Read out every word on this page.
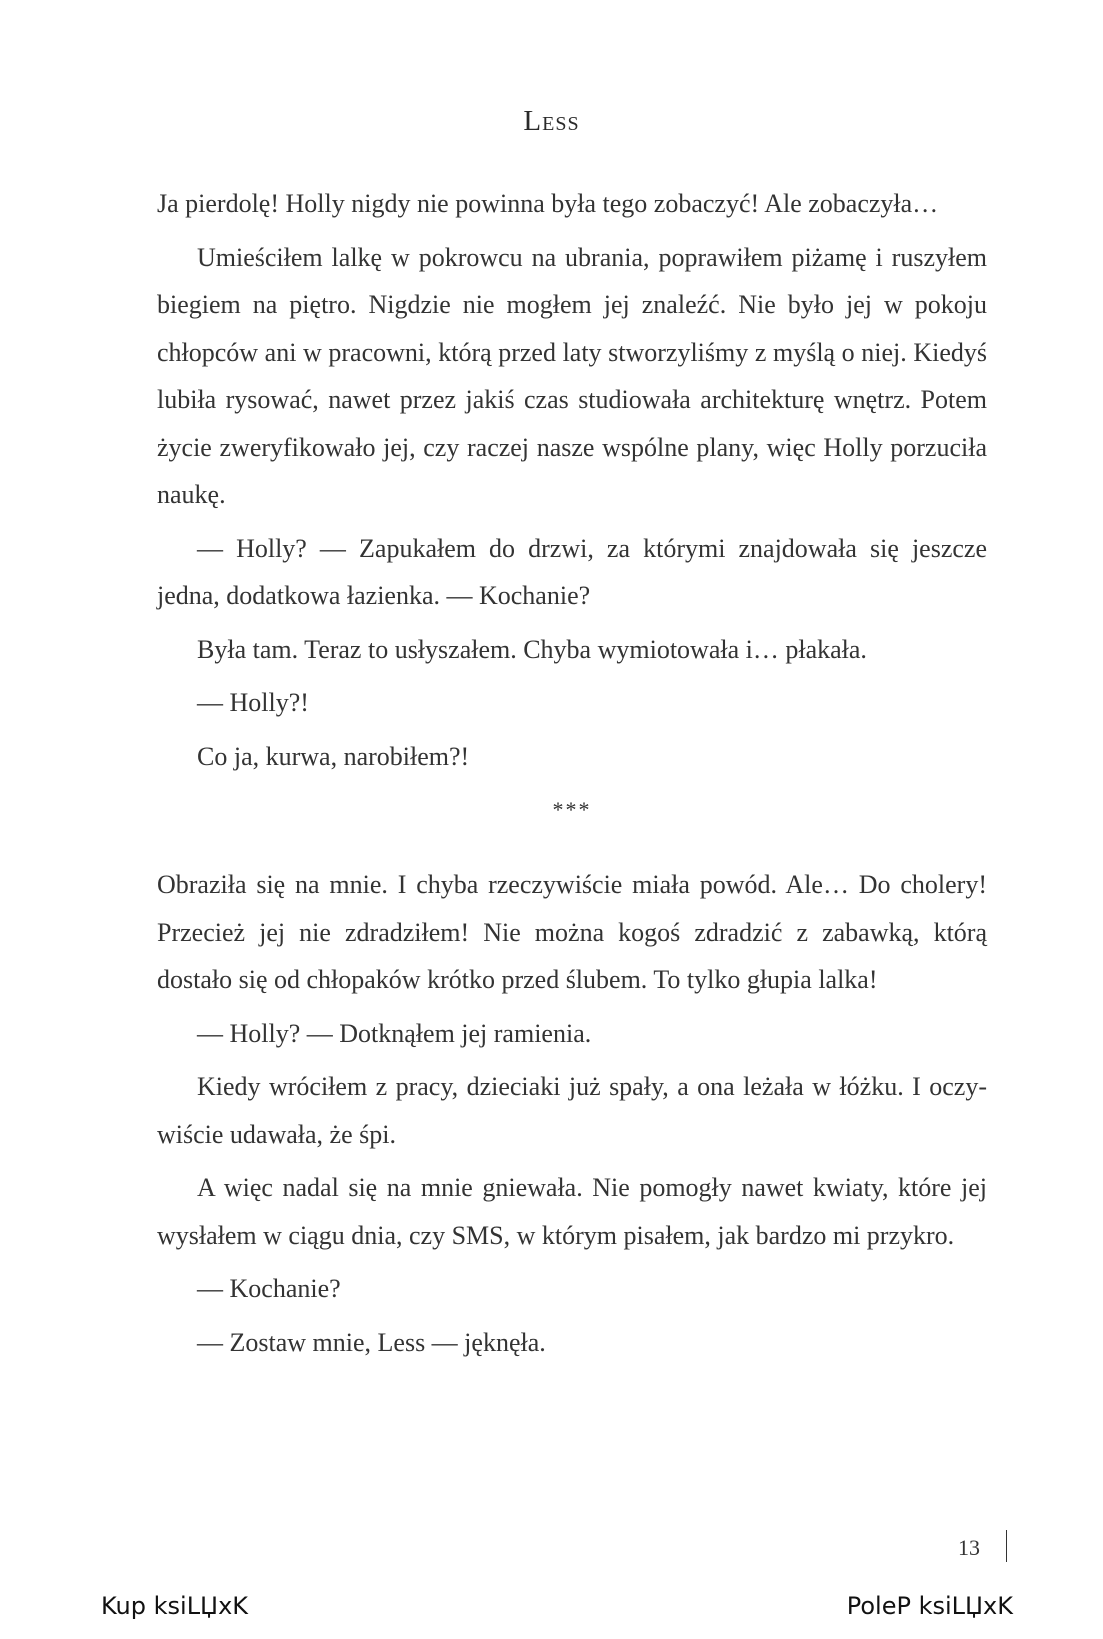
Less

Ja pierdolę! Holly nigdy nie powinna była tego zobaczyć! Ale zobaczyła…

Umieściłem lalkę w pokrowcu na ubrania, poprawiłem piżamę i ruszyłem biegiem na piętro. Nigdzie nie mogłem jej znaleźć. Nie było jej w pokoju chłopców ani w pracowni, którą przed laty stworzyliśmy z myślą o niej. Kiedyś lubiła rysować, nawet przez jakiś czas studiowała architekturę wnętrz. Potem życie zweryfikowało jej, czy raczej nasze wspólne plany, więc Holly porzuciła naukę.

— Holly? — Zapukałem do drzwi, za którymi znajdowała się jeszcze jedna, dodatkowa łazienka. — Kochanie?

Była tam. Teraz to usłyszałem. Chyba wymiotowała i… płakała.

— Holly?!

Co ja, kurwa, narobiłem?!

***

Obraziła się na mnie. I chyba rzeczywiście miała powód. Ale… Do cholery! Przecież jej nie zdradziłem! Nie można kogoś zdradzić z zabawką, którą dostało się od chłopaków krótko przed ślubem. To tylko głupia lalka!

— Holly? — Dotknąłem jej ramienia.

Kiedy wróciłem z pracy, dzieciaki już spały, a ona leżała w łóżku. I oczywiście udawała, że śpi.

A więc nadal się na mnie gniewała. Nie pomogły nawet kwiaty, które jej wysłałem w ciągu dnia, czy SMS, w którym pisałem, jak bardzo mi przykro.

— Kochanie?

— Zostaw mnie, Less — jęknęła.

13
Kup ksiLЏxK	PoleP ksiLЏxK
